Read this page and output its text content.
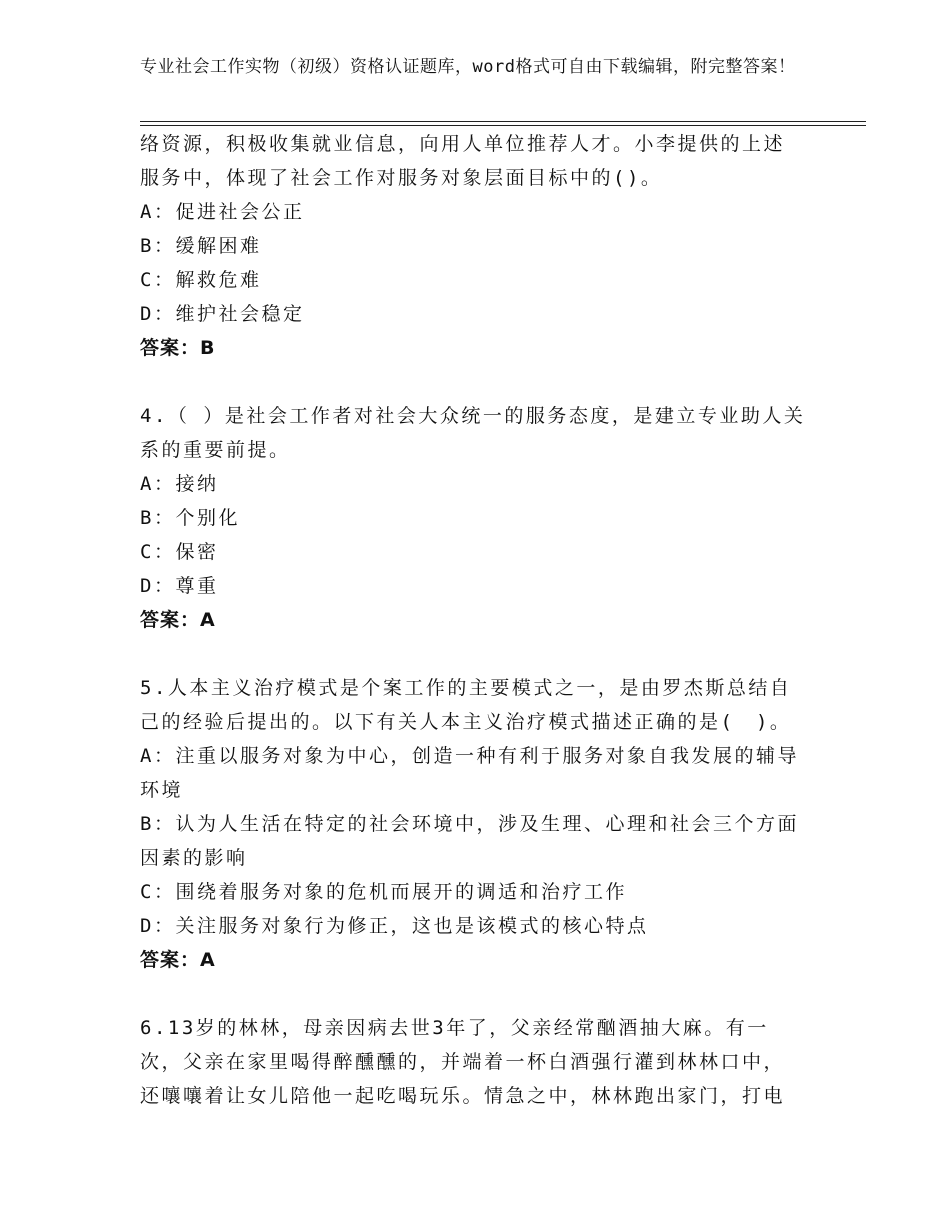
专业社会工作实物（初级）资格认证题库，word格式可自由下载编辑，附完整答案！
络资源，积极收集就业信息，向用人单位推荐人才。小李提供的上述
服务中，体现了社会工作对服务对象层面目标中的()。
A：促进社会公正
B：缓解困难
C：解救危难
D：维护社会稳定
答案：B
4.（ ）是社会工作者对社会大众统一的服务态度，是建立专业助人关
系的重要前提。
A：接纳
B：个别化
C：保密
D：尊重
答案：A
5.人本主义治疗模式是个案工作的主要模式之一，是由罗杰斯总结自
己的经验后提出的。以下有关人本主义治疗模式描述正确的是(　)。
A：注重以服务对象为中心，创造一种有利于服务对象自我发展的辅导
环境
B：认为人生活在特定的社会环境中，涉及生理、心理和社会三个方面
因素的影响
C：围绕着服务对象的危机而展开的调适和治疗工作
D：关注服务对象行为修正，这也是该模式的核心特点
答案：A
6.13岁的林林，母亲因病去世3年了，父亲经常酗酒抽大麻。有一
次，父亲在家里喝得醉醺醺的，并端着一杯白酒强行灌到林林口中，
还嚷嚷着让女儿陪他一起吃喝玩乐。情急之中，林林跑出家门，打电
